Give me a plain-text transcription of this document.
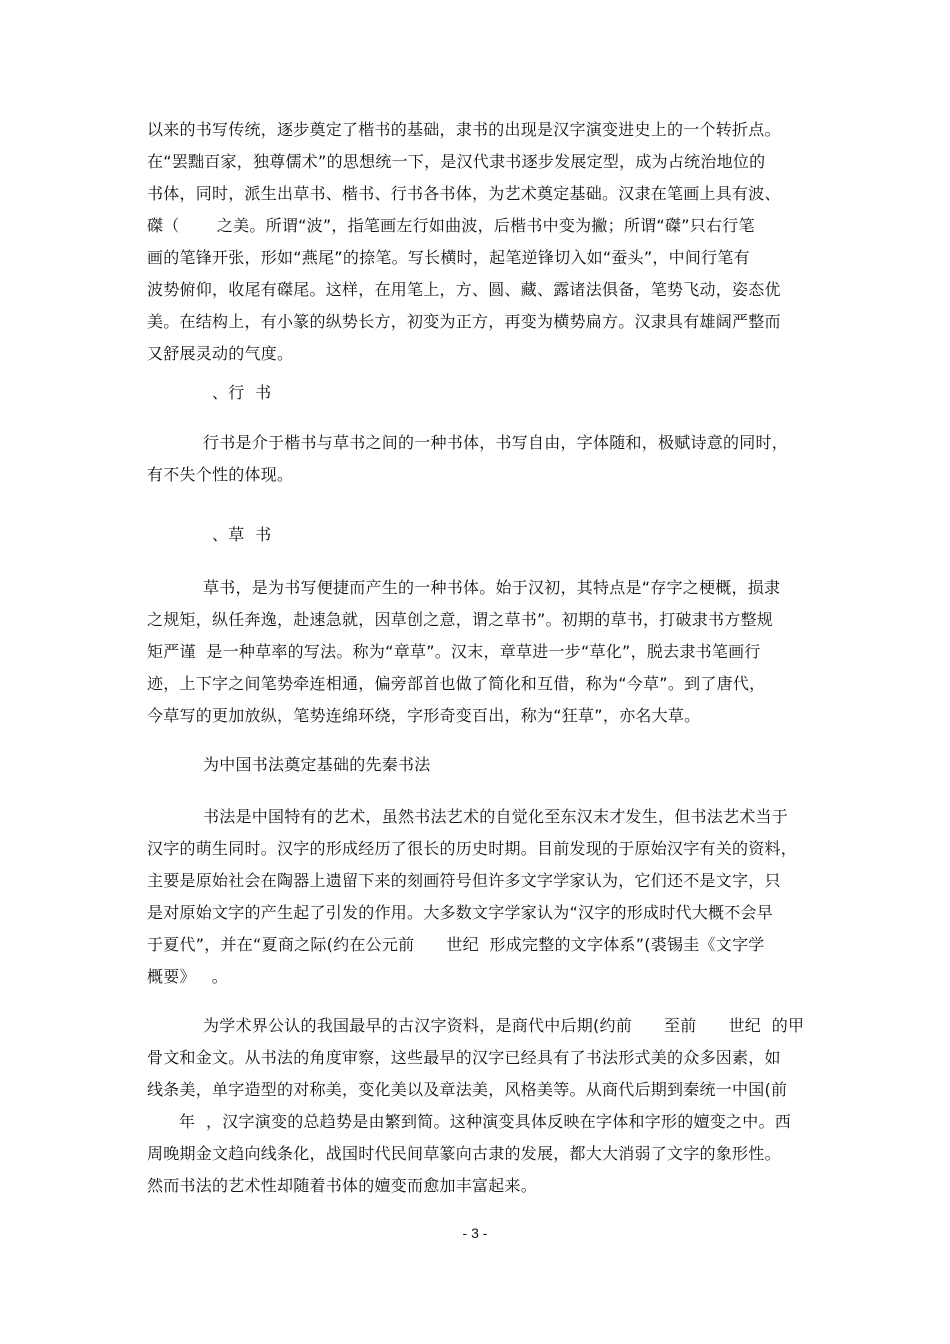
以来的书写传统，逐步奠定了楷书的基础，隶书的出现是汉字演变进史上的一个转折点。
在“罢黜百家，独尊儒术”的思想统一下，是汉代隶书逐步发展定型，成为占统治地位的
书体，同时，派生出草书、楷书、行书各书体，为艺术奠定基础。汉隶在笔画上具有波、
磔（       之美。所谓“波”，指笔画左行如曲波，后楷书中变为撇；所谓“磔”只右行笔
画的笔锋开张，形如“燕尾”的捺笔。写长横时，起笔逆锋切入如“蚕头”，中间行笔有
波势俯仰，收尾有磔尾。这样，在用笔上，方、圆、藏、露诸法俱备，笔势飞动，姿态优
美。在结构上，有小篆的纵势长方，初变为正方，再变为横势扁方。汉隶具有雄阔严整而
又舒展灵动的气度。
、行  书
行书是介于楷书与草书之间的一种书体，书写自由，字体随和，极赋诗意的同时，
有不失个性的体现。
、草  书
草书，是为书写便捷而产生的一种书体。始于汉初，其特点是“存字之梗概，损隶
之规矩，纵任奔逸，赴速急就，因草创之意，谓之草书”。初期的草书，打破隶书方整规
矩严谨  是一种草率的写法。称为“章草”。汉末，章草进一步“草化”，脱去隶书笔画行
迹，上下字之间笔势牵连相通，偏旁部首也做了简化和互借，称为“今草”。到了唐代，
今草写的更加放纵，笔势连绵环绕，字形奇变百出，称为“狂草”，亦名大草。
为中国书法奠定基础的先秦书法
书法是中国特有的艺术，虽然书法艺术的自觉化至东汉末才发生，但书法艺术当于
汉字的萌生同时。汉字的形成经历了很长的历史时期。目前发现的于原始汉字有关的资料，
主要是原始社会在陶器上遗留下来的刻画符号但许多文字学家认为，它们还不是文字，只
是对原始文字的产生起了引发的作用。大多数文字学家认为“汉字的形成时代大概不会早
于夏代”，并在“夏商之际(约在公元前      世纪  形成完整的文字体系”(裘锡圭《文字学
概要》   。
为学术界公认的我国最早的古汉字资料，是商代中后期(约前      至前      世纪  的甲
骨文和金文。从书法的角度审察，这些最早的汉字已经具有了书法形式美的众多因素，如
线条美，单字造型的对称美，变化美以及章法美，风格美等。从商代后期到秦统一中国(前
年  ，汉字演变的总趋势是由繁到简。这种演变具体反映在字体和字形的嬗变之中。西
周晚期金文趋向线条化，战国时代民间草篆向古隶的发展，都大大消弱了文字的象形性。
然而书法的艺术性却随着书体的嬗变而愈加丰富起来。
- 3 -
